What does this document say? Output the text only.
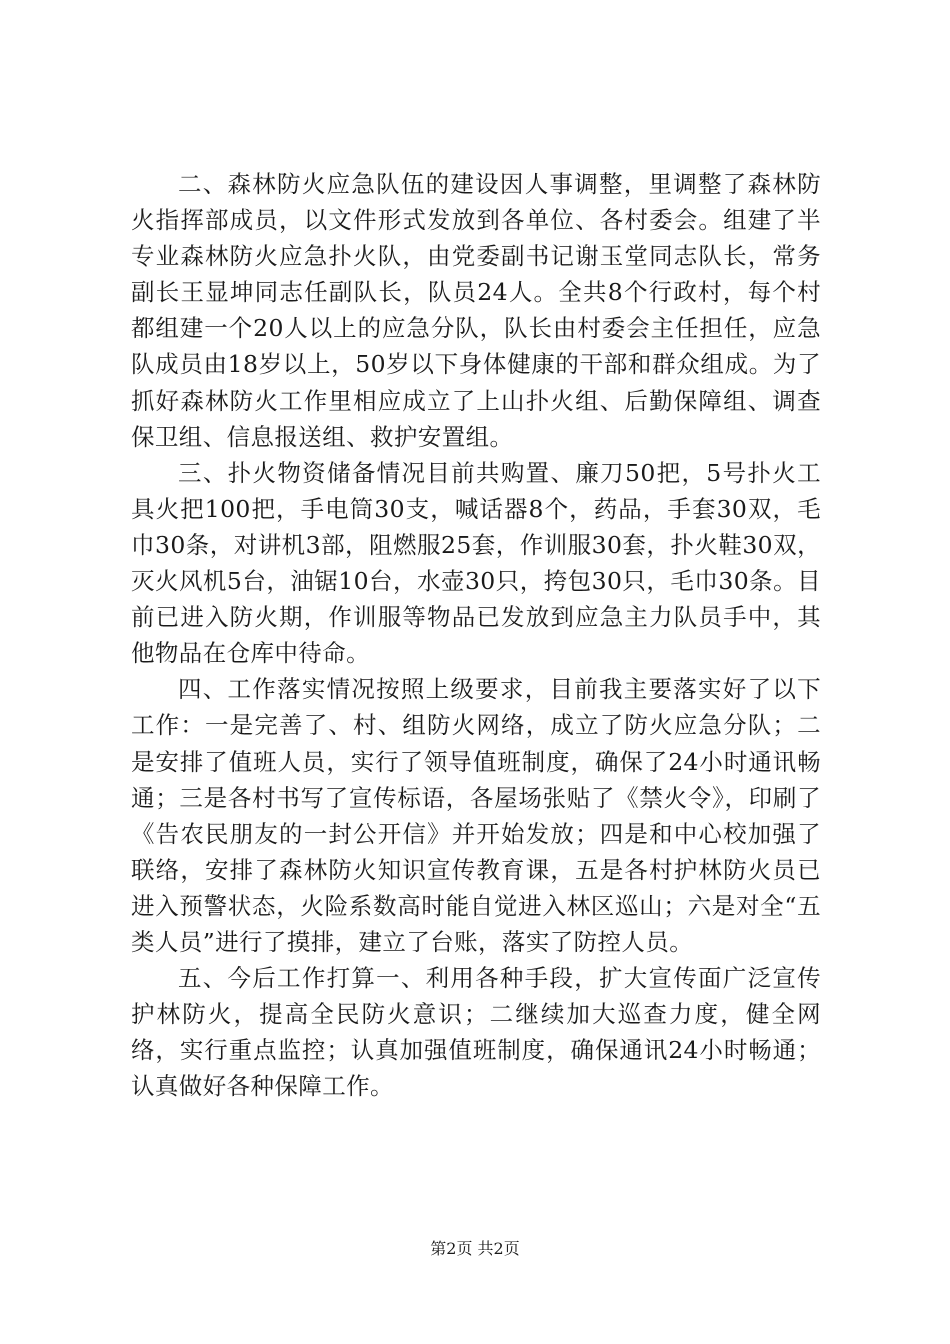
二、森林防火应急队伍的建设因人事调整，里调整了森林防火指挥部成员，以文件形式发放到各单位、各村委会。组建了半专业森林防火应急扑火队，由党委副书记谢玉堂同志队长，常务副长王显坤同志任副队长，队员24人。全共8个行政村，每个村都组建一个20人以上的应急分队，队长由村委会主任担任，应急队成员由18岁以上，50岁以下身体健康的干部和群众组成。为了抓好森林防火工作里相应成立了上山扑火组、后勤保障组、调查保卫组、信息报送组、救护安置组。

三、扑火物资储备情况目前共购置、廉刀50把，5号扑火工具火把100把，手电筒30支，喊话器8个，药品，手套30双，毛巾30条，对讲机3部，阻燃服25套，作训服30套，扑火鞋30双，灭火风机5台，油锯10台，水壶30只，挎包30只，毛巾30条。目前已进入防火期，作训服等物品已发放到应急主力队员手中，其他物品在仓库中待命。

四、工作落实情况按照上级要求，目前我主要落实好了以下工作：一是完善了、村、组防火网络，成立了防火应急分队；二是安排了值班人员，实行了领导值班制度，确保了24小时通讯畅通；三是各村书写了宣传标语，各屋场张贴了《禁火令》，印刷了《告农民朋友的一封公开信》并开始发放；四是和中心校加强了联络，安排了森林防火知识宣传教育课，五是各村护林防火员已进入预警状态，火险系数高时能自觉进入林区巡山；六是对全“五类人员”进行了摸排，建立了台账，落实了防控人员。

五、今后工作打算一、利用各种手段，扩大宣传面广泛宣传护林防火，提高全民防火意识；二继续加大巡查力度，健全网络，实行重点监控；认真加强值班制度，确保通讯24小时畅通；认真做好各种保障工作。

第2页 共2页
